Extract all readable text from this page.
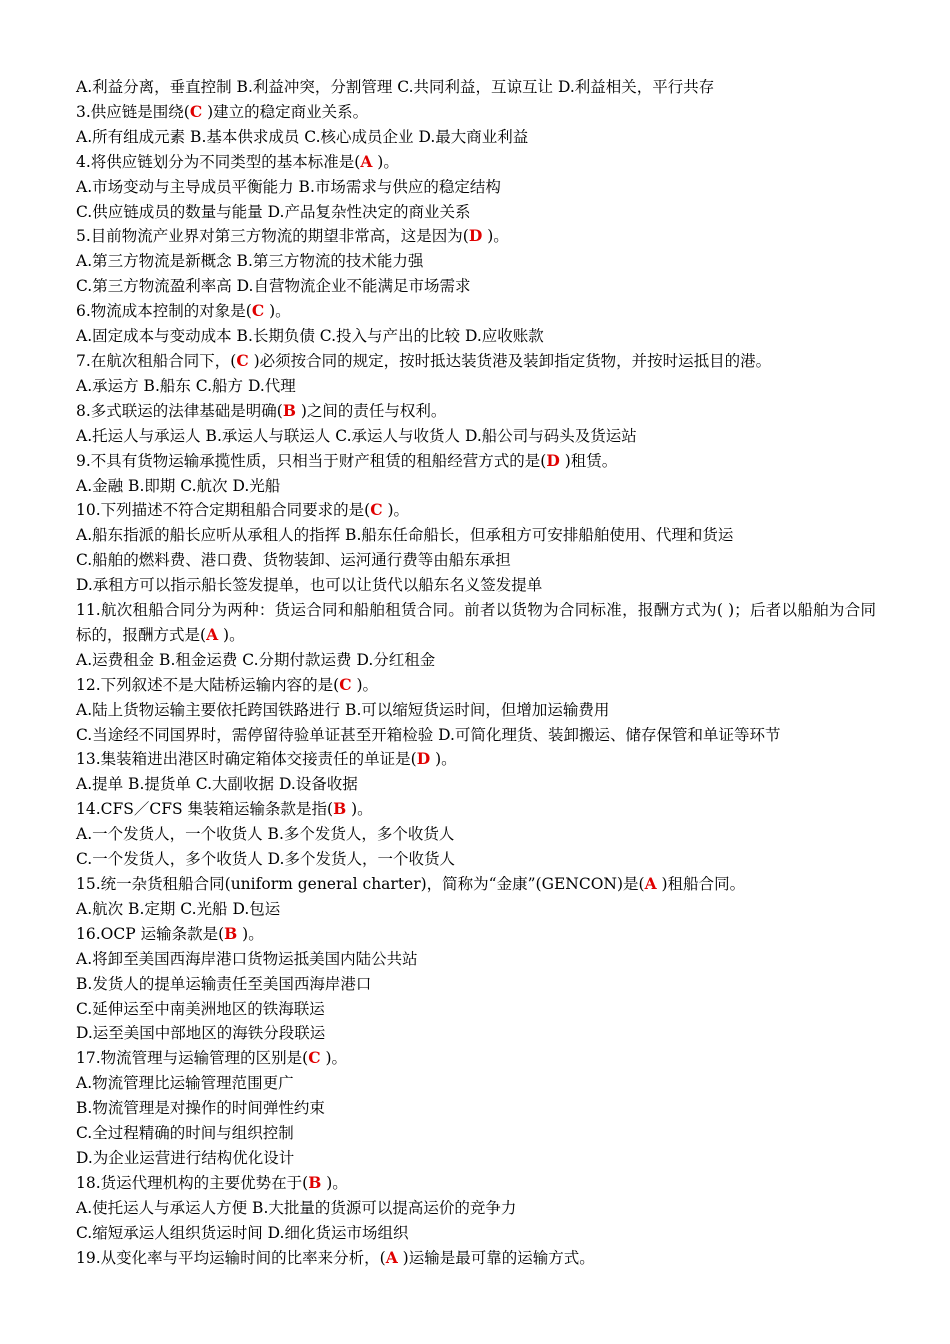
A.利益分离，垂直控制 B.利益冲突，分割管理 C.共同利益，互谅互让 D.利益相关，平行共存

3.供应链是围绕(C )建立的稳定商业关系。

A.所有组成元素 B.基本供求成员 C.核心成员企业 D.最大商业利益

4.将供应链划分为不同类型的基本标准是(A )。

A.市场变动与主导成员平衡能力 B.市场需求与供应的稳定结构

C.供应链成员的数量与能量 D.产品复杂性决定的商业关系

5.目前物流产业界对第三方物流的期望非常高，这是因为(D )。

A.第三方物流是新概念 B.第三方物流的技术能力强

C.第三方物流盈利率高 D.自营物流企业不能满足市场需求

6.物流成本控制的对象是(C )。

A.固定成本与变动成本 B.长期负债 C.投入与产出的比较 D.应收账款

7.在航次租船合同下，(C )必须按合同的规定，按时抵达装货港及装卸指定货物，并按时运抵目的港。

A.承运方 B.船东 C.船方 D.代理

8.多式联运的法律基础是明确(B )之间的责任与权利。

A.托运人与承运人 B.承运人与联运人 C.承运人与收货人 D.船公司与码头及货运站

9.不具有货物运输承揽性质，只相当于财产租赁的租船经营方式的是(D )租赁。

A.金融 B.即期 C.航次 D.光船

10.下列描述不符合定期租船合同要求的是(C )。

A.船东指派的船长应听从承租人的指挥 B.船东任命船长，但承租方可安排船舶使用、代理和货运

C.船舶的燃料费、港口费、货物装卸、运河通行费等由船东承担

D.承租方可以指示船长签发提单，也可以让货代以船东名义签发提单

11.航次租船合同分为两种：货运合同和船舶租赁合同。前者以货物为合同标准，报酬方式为( )；后者以船舶为合同标的，报酬方式是(A )。

A.运费租金 B.租金运费 C.分期付款运费 D.分红租金

12.下列叙述不是大陆桥运输内容的是(C )。

A.陆上货物运输主要依托跨国铁路进行 B.可以缩短货运时间，但增加运输费用

C.当途经不同国界时，需停留待验单证甚至开箱检验 D.可简化理货、装卸搬运、储存保管和单证等环节

13.集装箱进出港区时确定箱体交接责任的单证是(D )。

A.提单 B.提货单 C.大副收据 D.设备收据

14.CFS／CFS 集装箱运输条款是指(B )。

A.一个发货人，一个收货人 B.多个发货人，多个收货人

C.一个发货人，多个收货人 D.多个发货人，一个收货人

15.统一杂货租船合同(uniform general charter)，简称为“金康”(GENCON)是(A )租船合同。

A.航次 B.定期 C.光船 D.包运

16.OCP 运输条款是(B )。

A.将卸至美国西海岸港口货物运抵美国内陆公共站

B.发货人的提单运输责任至美国西海岸港口

C.延伸运至中南美洲地区的铁海联运

D.运至美国中部地区的海铁分段联运

17.物流管理与运输管理的区别是(C )。

A.物流管理比运输管理范围更广

B.物流管理是对操作的时间弹性约束

C.全过程精确的时间与组织控制

D.为企业运营进行结构优化设计

18.货运代理机构的主要优势在于(B )。

A.使托运人与承运人方便 B.大批量的货源可以提高运价的竞争力

C.缩短承运人组织货运时间 D.细化货运市场组织

19.从变化率与平均运输时间的比率来分析，(A )运输是最可靠的运输方式。
